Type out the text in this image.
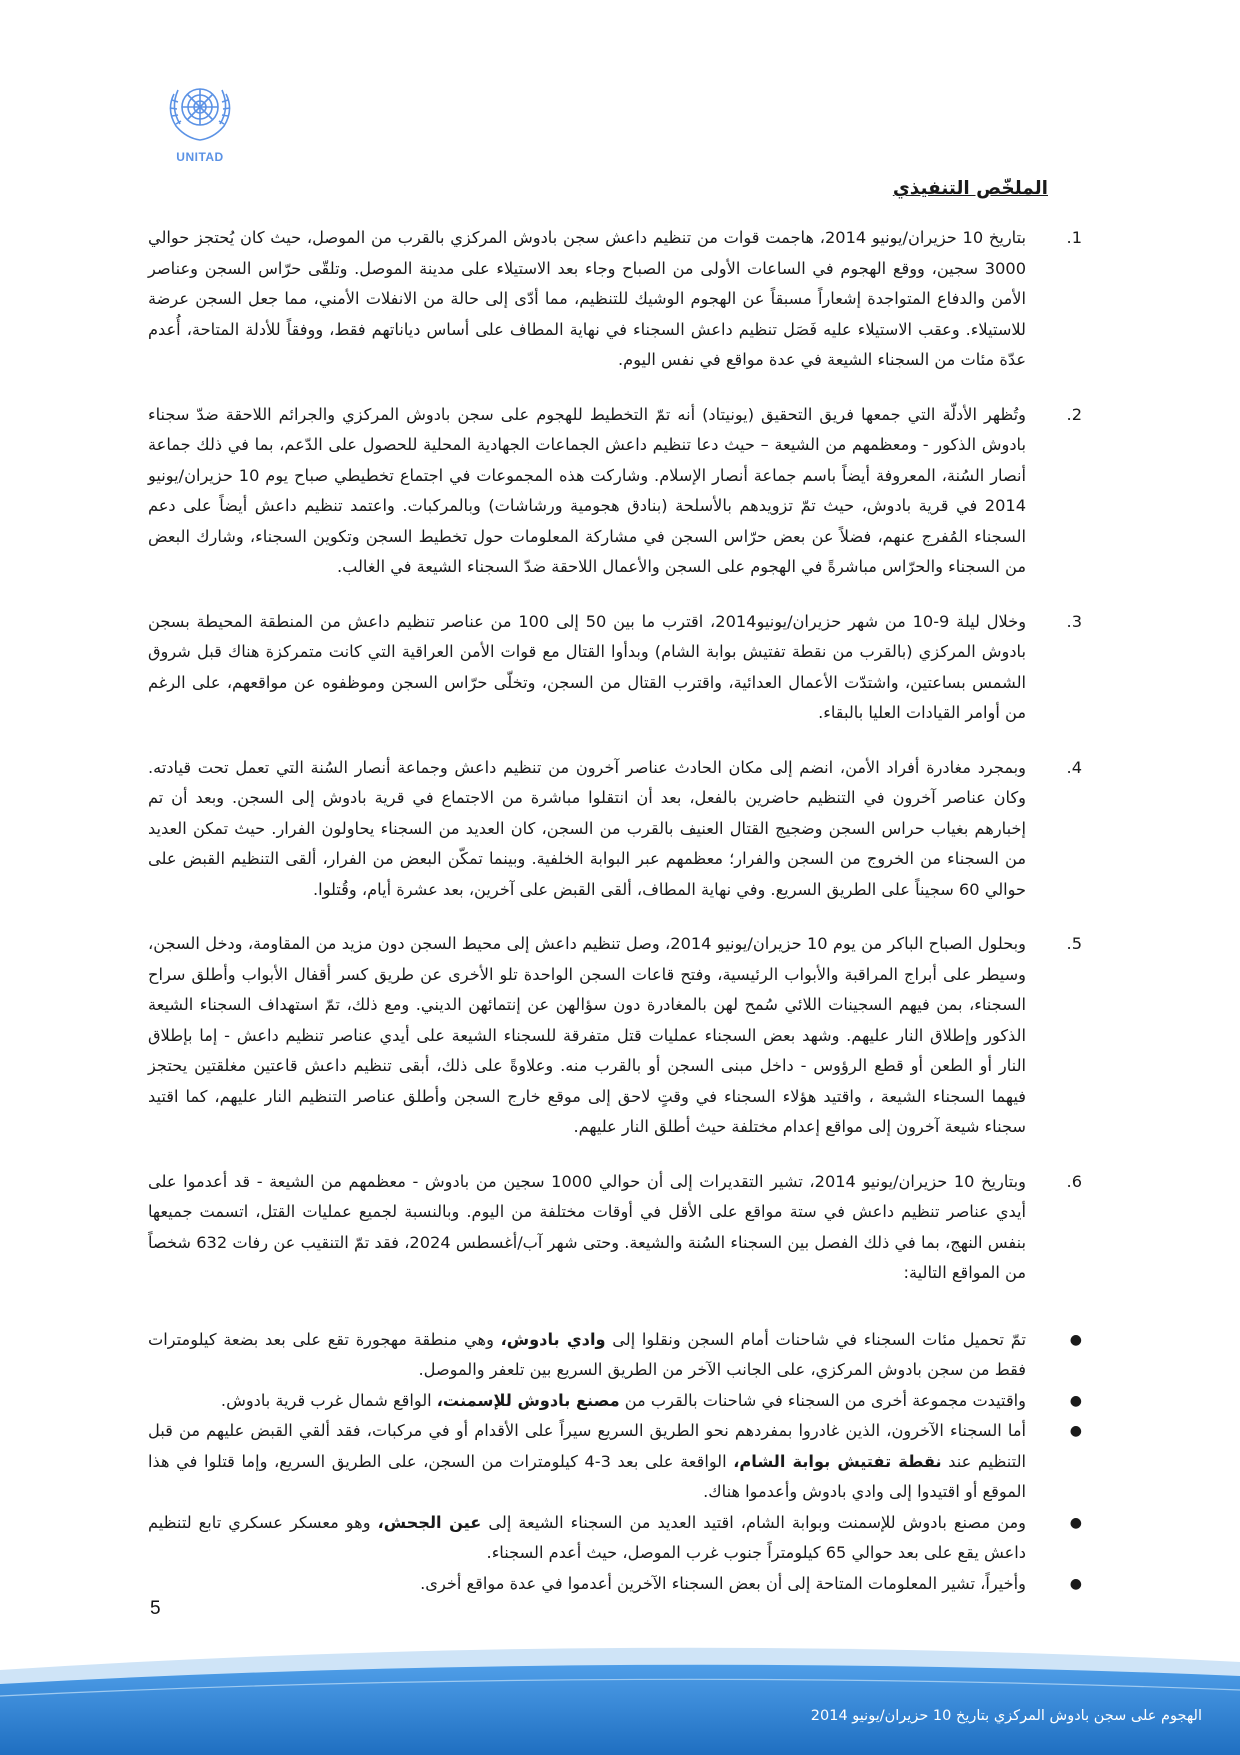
UNITAD
الملخّص التنفيذي
1.
بتاريخ 10 حزيران/يونيو 2014، هاجمت قوات من تنظيم داعش سجن بادوش المركزي بالقرب من الموصل، حيث كان يُحتجز حوالي 3000 سجين، ووقع الهجوم في الساعات الأولى من الصباح وجاء بعد الاستيلاء على مدينة الموصل. وتلقّى حرّاس السجن وعناصر الأمن والدفاع المتواجدة إشعاراً مسبقاً عن الهجوم الوشيك للتنظيم، مما أدّى إلى حالة من الانفلات الأمني، مما جعل السجن عرضة للاستيلاء. وعقب الاستيلاء عليه فَصَل تنظيم داعش السجناء في نهاية المطاف على أساس دياناتهم فقط، ووفقاً للأدلة المتاحة، أُعدم عدّة مئات من السجناء الشيعة في عدة مواقع في نفس اليوم.
2.
وتُظهر الأدلّة التي جمعها فريق التحقيق (يونيتاد) أنه تمّ التخطيط للهجوم على سجن بادوش المركزي والجرائم اللاحقة ضدّ سجناء بادوش الذكور - ومعظمهم من الشيعة – حيث دعا تنظيم داعش الجماعات الجهادية المحلية للحصول على الدّعم، بما في ذلك جماعة أنصار السُنة، المعروفة أيضاً باسم جماعة أنصار الإسلام. وشاركت هذه المجموعات في اجتماع تخطيطي صباح يوم 10 حزيران/يونيو 2014 في قرية بادوش، حيث تمّ تزويدهم بالأسلحة (بنادق هجومية ورشاشات) وبالمركبات. واعتمد تنظيم داعش أيضاً على دعم السجناء المُفرج عنهم، فضلاً عن بعض حرّاس السجن في مشاركة المعلومات حول تخطيط السجن وتكوين السجناء، وشارك البعض من السجناء والحرّاس مباشرةً في الهجوم على السجن والأعمال اللاحقة ضدّ السجناء الشيعة في الغالب.
3.
وخلال ليلة 9-10 من شهر حزيران/يونيو2014، اقترب ما بين 50 إلى 100 من عناصر تنظيم داعش من المنطقة المحيطة بسجن بادوش المركزي (بالقرب من نقطة تفتيش بوابة الشام) وبدأوا القتال مع قوات الأمن العراقية التي كانت متمركزة هناك قبل شروق الشمس بساعتين، واشتدّت الأعمال العدائية، واقترب القتال من السجن، وتخلّى حرّاس السجن وموظفوه عن مواقعهم، على الرغم من أوامر القيادات العليا بالبقاء.
4.
وبمجرد مغادرة أفراد الأمن، انضم إلى مكان الحادث عناصر آخرون من تنظيم داعش وجماعة أنصار السُنة التي تعمل تحت قيادته. وكان عناصر آخرون في التنظيم حاضرين بالفعل، بعد أن انتقلوا مباشرة من الاجتماع في قرية بادوش إلى السجن. وبعد أن تم إخبارهم بغياب حراس السجن وضجيج القتال العنيف بالقرب من السجن، كان العديد من السجناء يحاولون الفرار. حيث تمكن العديد من السجناء من الخروج من السجن والفرار؛ معظمهم عبر البوابة الخلفية. وبينما تمكّن البعض من الفرار، ألقى التنظيم القبض على حوالي 60 سجيناً على الطريق السريع. وفي نهاية المطاف، ألقى القبض على آخرين، بعد عشرة أيام، وقُتلوا.
5.
وبحلول الصباح الباكر من يوم 10 حزيران/يونيو 2014، وصل تنظيم داعش إلى محيط السجن دون مزيد من المقاومة، ودخل السجن، وسيطر على أبراج المراقبة والأبواب الرئيسية، وفتح قاعات السجن الواحدة تلو الأخرى عن طريق كسر أقفال الأبواب وأطلق سراح السجناء، بمن فيهم السجينات اللائي سُمح لهن بالمغادرة دون سؤالهن عن إنتمائهن الديني. ومع ذلك، تمّ استهداف السجناء الشيعة الذكور وإطلاق النار عليهم. وشهد بعض السجناء عمليات قتل متفرقة للسجناء الشيعة على أيدي عناصر تنظيم داعش - إما بإطلاق النار أو الطعن أو قطع الرؤوس - داخل مبنى السجن أو بالقرب منه. وعلاوةً على ذلك، أبقى تنظيم داعش قاعتين مغلقتين يحتجز فيهما السجناء الشيعة ، واقتيد هؤلاء السجناء في وقتٍ لاحق إلى موقع خارج السجن وأطلق عناصر التنظيم النار عليهم، كما اقتيد سجناء شيعة آخرون إلى مواقع إعدام مختلفة حيث أطلق النار عليهم.
6.
وبتاريخ 10 حزيران/يونيو 2014، تشير التقديرات إلى أن حوالي 1000 سجين من بادوش - معظمهم من الشيعة - قد أعدموا على أيدي عناصر تنظيم داعش في ستة مواقع على الأقل في أوقات مختلفة من اليوم. وبالنسبة لجميع عمليات القتل، اتسمت جميعها بنفس النهج، بما في ذلك الفصل بين السجناء السُنة والشيعة. وحتى شهر آب/أغسطس 2024، فقد تمّ التنقيب عن رفات 632 شخصاً من المواقع التالية:
●
تمّ تحميل مئات السجناء في شاحنات أمام السجن ونقلوا إلى وادي بادوش، وهي منطقة مهجورة تقع على بعد بضعة كيلومترات فقط من سجن بادوش المركزي، على الجانب الآخر من الطريق السريع بين تلعفر والموصل.
●
واقتيدت مجموعة أخرى من السجناء في شاحنات بالقرب من مصنع بادوش للإسمنت، الواقع شمال غرب قرية بادوش.
●
أما السجناء الآخرون، الذين غادروا بمفردهم نحو الطريق السريع سيراً على الأقدام أو في مركبات، فقد ألقي القبض عليهم من قبل التنظيم عند نقطة تفتيش بوابة الشام، الواقعة على بعد 3-4 كيلومترات من السجن، على الطريق السريع، وإما قتلوا في هذا الموقع أو اقتيدوا إلى وادي بادوش وأعدموا هناك.
●
ومن مصنع بادوش للإسمنت وبوابة الشام، اقتيد العديد من السجناء الشيعة إلى عين الجحش، وهو معسكر عسكري تابع لتنظيم داعش يقع على بعد حوالي 65 كيلومتراً جنوب غرب الموصل، حيث أعدم السجناء.
●
وأخيراً، تشير المعلومات المتاحة إلى أن بعض السجناء الآخرين أعدموا في عدة مواقع أخرى.
5
الهجوم على سجن بادوش المركزي بتاريخ 10 حزيران/يونيو 2014
